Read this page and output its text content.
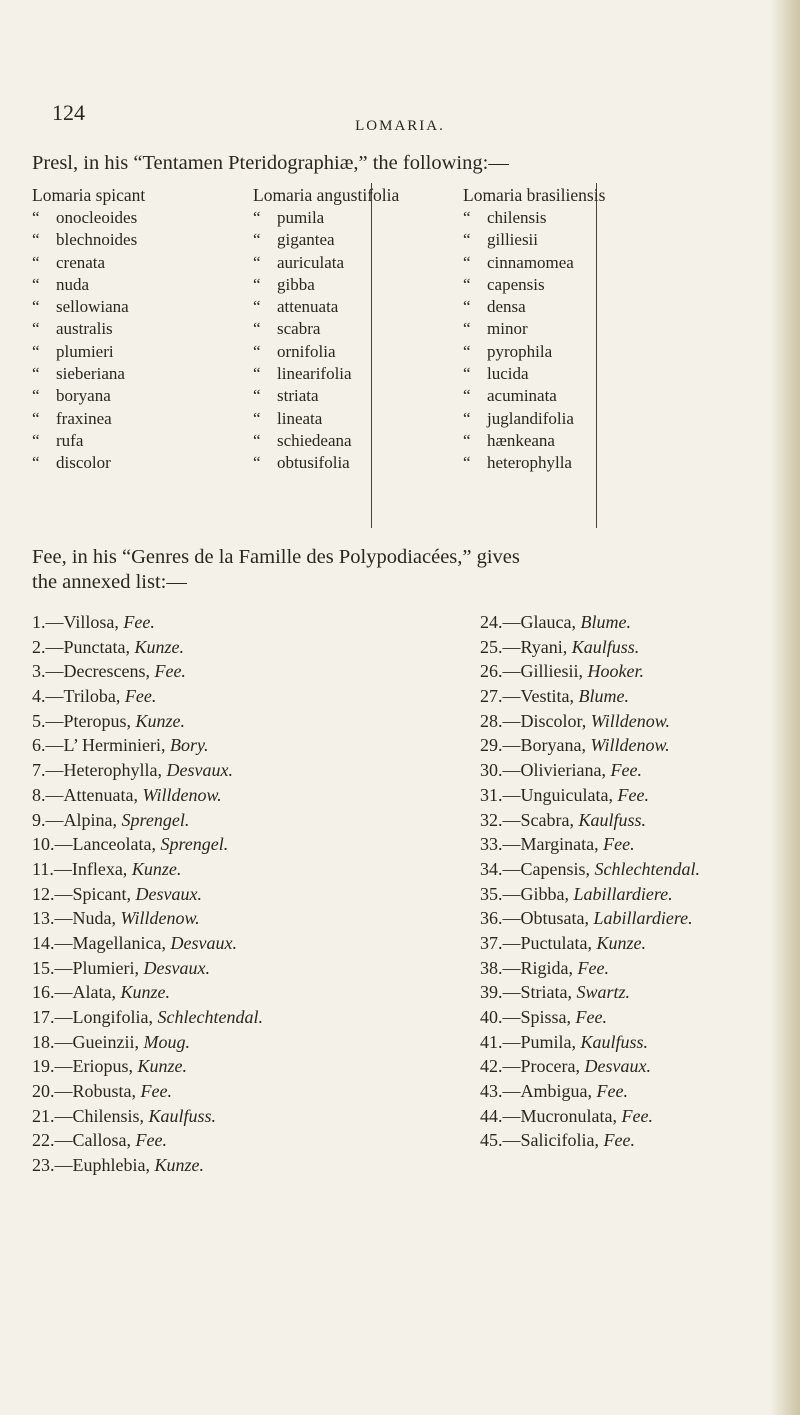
124
LOMARIA.
Presl, in his “Tentamen Pteridographiæ,” the following:—
Lomaria spicant
“ onocleoides
“ blechnoides
“ crenata
“ nuda
“ sellowiana
“ australis
“ plumieri
“ sieberiana
“ boryana
“ fraxinea
“ rufa
“ discolor
Lomaria angustifolia
“ pumila
“ gigantea
“ auriculata
“ gibba
“ attenuata
“ scabra
“ ornifolia
“ linearifolia
“ striata
“ lineata
“ schiedeana
“ obtusifolia
Lomaria brasiliensis
“ chilensis
“ gilliesii
“ cinnamomea
“ capensis
“ densa
“ minor
“ pyrophila
“ lucida
“ acuminata
“ juglandifolia
“ hænkeana
“ heterophylla
Fee, in his “Genres de la Famille des Polypodiacées,” gives
the annexed list:—
1.—Villosa, Fee.
2.—Punctata, Kunze.
3.—Decrescens, Fee.
4.—Triloba, Fee.
5.—Pteropus, Kunze.
6.—L’ Herminieri, Bory.
7.—Heterophylla, Desvaux.
8.—Attenuata, Willdenow.
9.—Alpina, Sprengel.
10.—Lanceolata, Sprengel.
11.—Inflexa, Kunze.
12.—Spicant, Desvaux.
13.—Nuda, Willdenow.
14.—Magellanica, Desvaux.
15.—Plumieri, Desvaux.
16.—Alata, Kunze.
17.—Longifolia, Schlechtendal.
18.—Gueinzii, Moug.
19.—Eriopus, Kunze.
20.—Robusta, Fee.
21.—Chilensis, Kaulfuss.
22.—Callosa, Fee.
23.—Euphlebia, Kunze.
24.—Glauca, Blume.
25.—Ryani, Kaulfuss.
26.—Gilliesii, Hooker.
27.—Vestita, Blume.
28.—Discolor, Willdenow.
29.—Boryana, Willdenow.
30.—Olivieriana, Fee.
31.—Unguiculata, Fee.
32.—Scabra, Kaulfuss.
33.—Marginata, Fee.
34.—Capensis, Schlechtendal.
35.—Gibba, Labillardiere.
36.—Obtusata, Labillardiere.
37.—Puctulata, Kunze.
38.—Rigida, Fee.
39.—Striata, Swartz.
40.—Spissa, Fee.
41.—Pumila, Kaulfuss.
42.—Procera, Desvaux.
43.—Ambigua, Fee.
44.—Mucronulata, Fee.
45.—Salicifolia, Fee.
